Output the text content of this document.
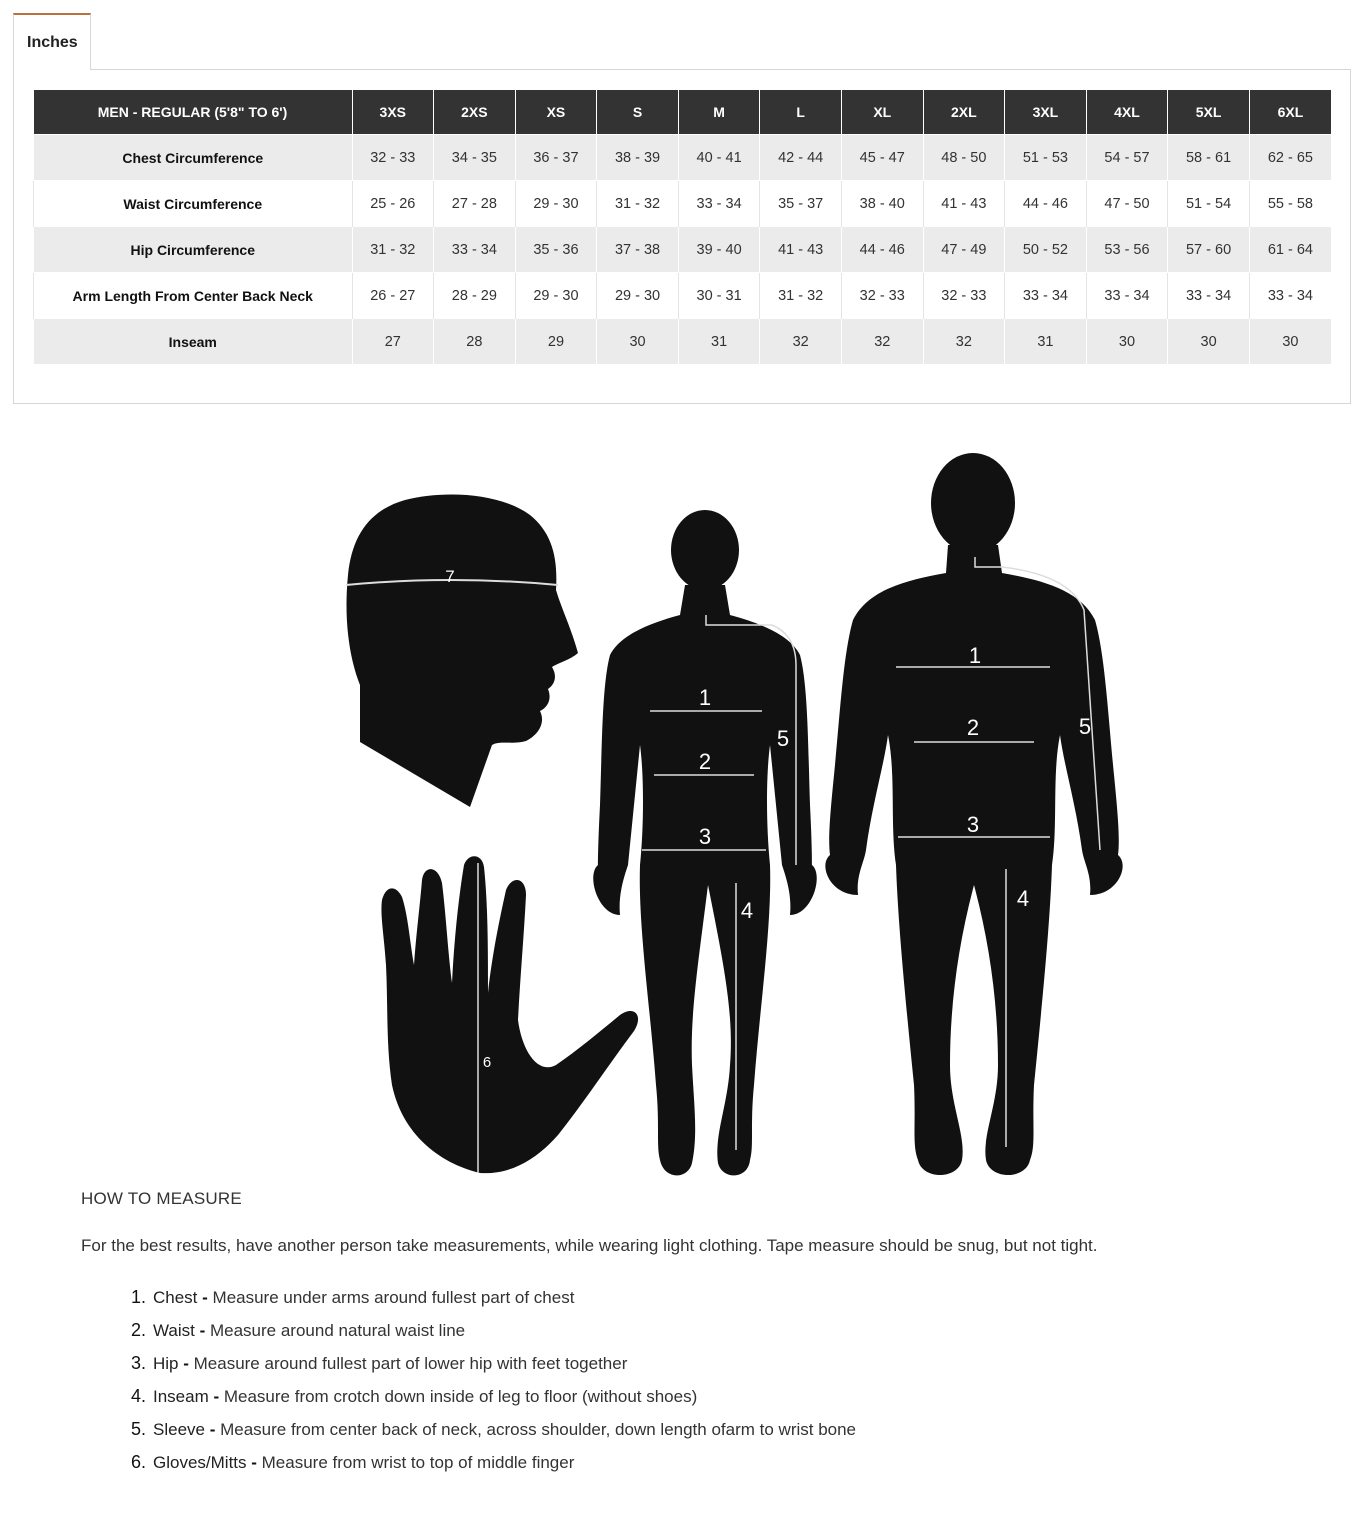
Inches
MEN - REGULAR (5'8" TO 6')	3XS	2XS	XS	S	M	L	XL	2XL	3XL	4XL	5XL	6XL
Chest Circumference	32 - 33	34 - 35	36 - 37	38 - 39	40 - 41	42 - 44	45 - 47	48 - 50	51 - 53	54 - 57	58 - 61	62 - 65
Waist Circumference	25 - 26	27 - 28	29 - 30	31 - 32	33 - 34	35 - 37	38 - 40	41 - 43	44 - 46	47 - 50	51 - 54	55 - 58
Hip Circumference	31 - 32	33 - 34	35 - 36	37 - 38	39 - 40	41 - 43	44 - 46	47 - 49	50 - 52	53 - 56	57 - 60	61 - 64
Arm Length From Center Back Neck	26 - 27	28 - 29	29 - 30	29 - 30	30 - 31	31 - 32	32 - 33	32 - 33	33 - 34	33 - 34	33 - 34	33 - 34
Inseam	27	28	29	30	31	32	32	32	31	30	30	30
7
6
1
2
3
4
5
1
2
3
4
5
HOW TO MEASURE
For the best results, have another person take measurements, while wearing light clothing. Tape measure should be snug, but not tight.
1. Chest - Measure under arms around fullest part of chest
2. Waist - Measure around natural waist line
3. Hip - Measure around fullest part of lower hip with feet together
4. Inseam - Measure from crotch down inside of leg to floor (without shoes)
5. Sleeve - Measure from center back of neck, across shoulder, down length ofarm to wrist bone
6. Gloves/Mitts - Measure from wrist to top of middle finger
